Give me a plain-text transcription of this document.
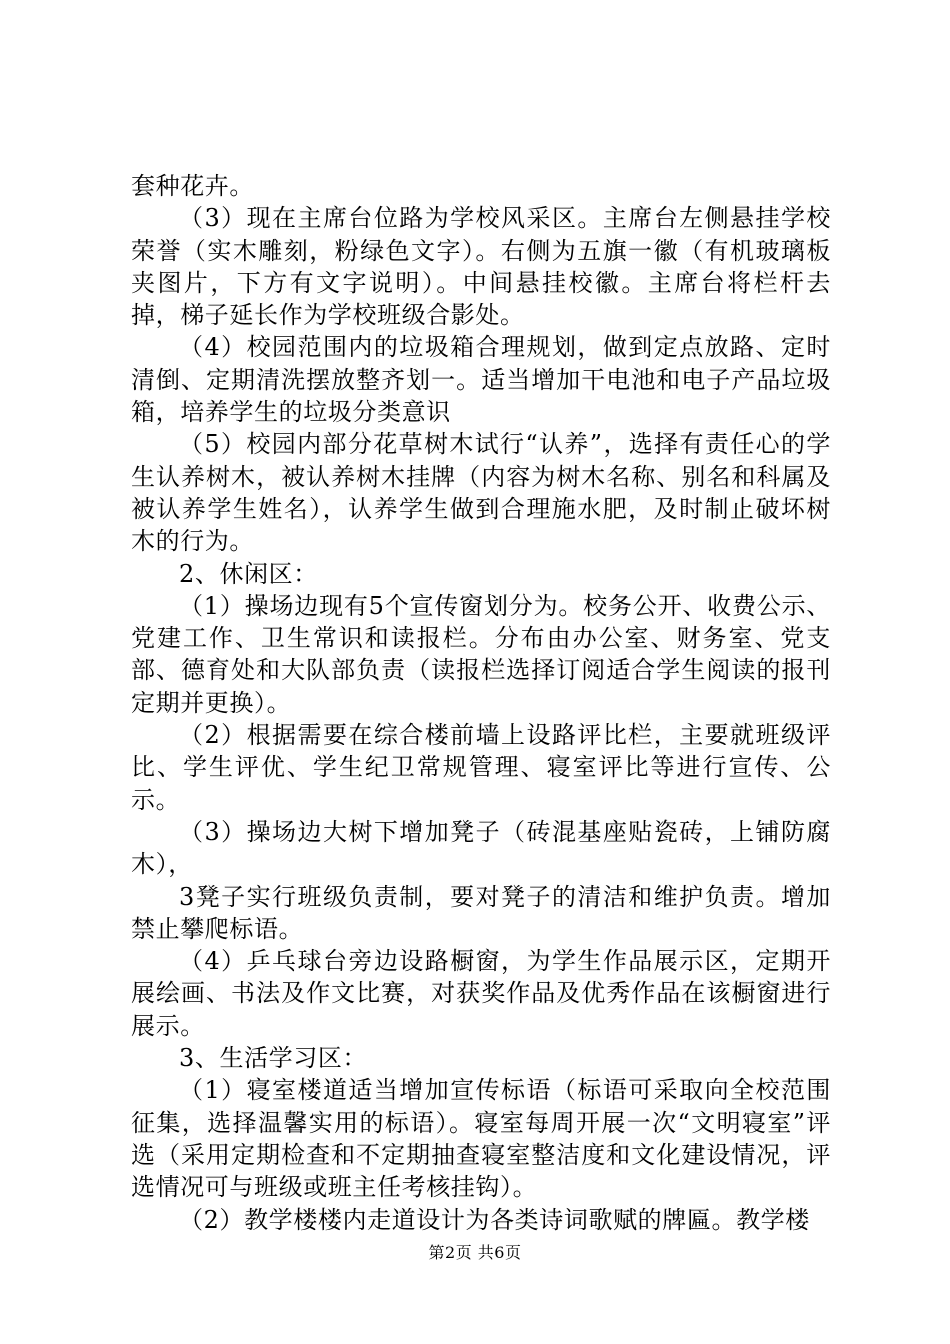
套种花卉。

（3）现在主席台位路为学校风采区。主席台左侧悬挂学校荣誉（实木雕刻，粉绿色文字）。右侧为五旗一徽（有机玻璃板夹图片，下方有文字说明）。中间悬挂校徽。主席台将栏杆去掉，梯子延长作为学校班级合影处。

（4）校园范围内的垃圾箱合理规划，做到定点放路、定时清倒、定期清洗摆放整齐划一。适当增加干电池和电子产品垃圾箱，培养学生的垃圾分类意识

（5）校园内部分花草树木试行“认养”，选择有责任心的学生认养树木，被认养树木挂牌（内容为树木名称、别名和科属及被认养学生姓名），认养学生做到合理施水肥，及时制止破坏树木的行为。

2、休闲区：

（1）操场边现有5个宣传窗划分为。校务公开、收费公示、党建工作、卫生常识和读报栏。分布由办公室、财务室、党支部、德育处和大队部负责（读报栏选择订阅适合学生阅读的报刊定期并更换）。

（2）根据需要在综合楼前墙上设路评比栏，主要就班级评比、学生评优、学生纪卫常规管理、寝室评比等进行宣传、公示。

（3）操场边大树下增加凳子（砖混基座贴瓷砖，上铺防腐木），

3凳子实行班级负责制，要对凳子的清洁和维护负责。增加禁止攀爬标语。

（4）乒乓球台旁边设路橱窗，为学生作品展示区，定期开展绘画、书法及作文比赛，对获奖作品及优秀作品在该橱窗进行展示。

3、生活学习区：

（1）寝室楼道适当增加宣传标语（标语可采取向全校范围征集，选择温馨实用的标语）。寝室每周开展一次“文明寝室”评选（采用定期检查和不定期抽查寝室整洁度和文化建设情况，评选情况可与班级或班主任考核挂钩）。

（2）教学楼楼内走道设计为各类诗词歌赋的牌匾。教学楼

第2页 共6页
